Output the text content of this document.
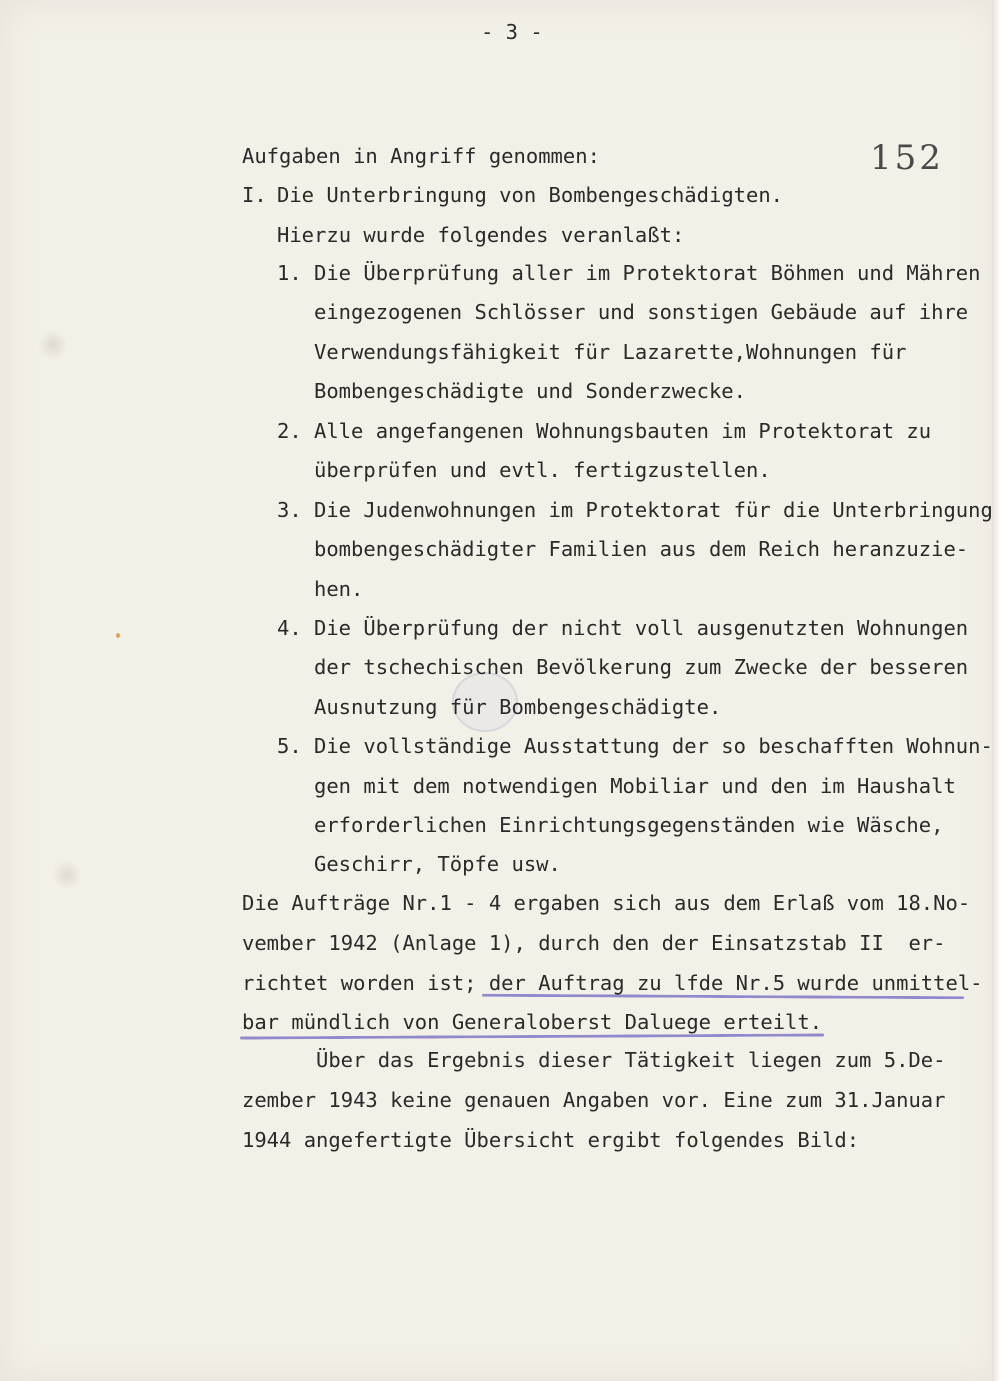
- 3 -
152
Aufgaben in Angriff genommen:
I. Die Unterbringung von Bombengeschädigten.
Hierzu wurde folgendes veranlaßt:
1. Die Überprüfung aller im Protektorat Böhmen und Mähren
eingezogenen Schlösser und sonstigen Gebäude auf ihre
Verwendungsfähigkeit für Lazarette,Wohnungen für
Bombengeschädigte und Sonderzwecke.
2. Alle angefangenen Wohnungsbauten im Protektorat zu
überprüfen und evtl. fertigzustellen.
3. Die Judenwohnungen im Protektorat für die Unterbringung
bombengeschädigter Familien aus dem Reich heranzuzie-
hen.
4. Die Überprüfung der nicht voll ausgenutzten Wohnungen
der tschechischen Bevölkerung zum Zwecke der besseren
Ausnutzung für Bombengeschädigte.
5. Die vollständige Ausstattung der so beschafften Wohnun-
gen mit dem notwendigen Mobiliar und den im Haushalt
erforderlichen Einrichtungsgegenständen wie Wäsche,
Geschirr, Töpfe usw.
Die Aufträge Nr.1 - 4 ergaben sich aus dem Erlaß vom 18.No-
vember 1942 (Anlage 1), durch den der Einsatzstab II  er-
richtet worden ist; der Auftrag zu lfde Nr.5 wurde unmittel-
bar mündlich von Generaloberst Daluege erteilt.
Über das Ergebnis dieser Tätigkeit liegen zum 5.De-
zember 1943 keine genauen Angaben vor. Eine zum 31.Januar
1944 angefertigte Übersicht ergibt folgendes Bild:
